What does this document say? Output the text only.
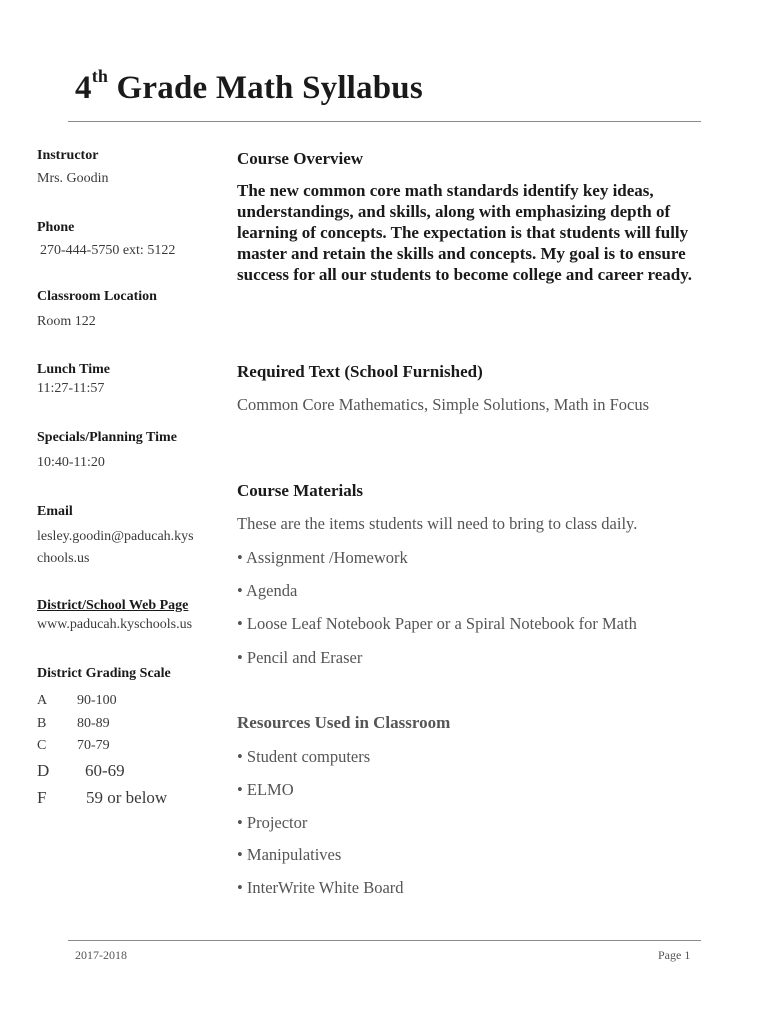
4th Grade Math Syllabus
Instructor
Mrs. Goodin
Phone
270-444-5750 ext: 5122
Classroom Location
Room 122
Lunch Time
11:27-11:57
Specials/Planning Time
10:40-11:20
Email
lesley.goodin@paducah.kys
chools.us
District/School Web Page
www.paducah.kyschools.us
District Grading Scale
A 90-100
B 80-89
C 70-79
D 60-69
F 59 or below
Course Overview
The new common core math standards identify key ideas, understandings, and skills, along with emphasizing depth of learning of concepts. The expectation is that students will fully master and retain the skills and concepts. My goal is to ensure success for all our students to become college and career ready.
Required Text (School Furnished)
Common Core Mathematics, Simple Solutions, Math in Focus
Course Materials
These are the items students will need to bring to class daily.
• Assignment /Homework
• Agenda
• Loose Leaf Notebook Paper or a Spiral Notebook for Math
• Pencil and Eraser
Resources Used in Classroom
• Student computers
• ELMO
• Projector
• Manipulatives
• InterWrite White Board
2017-2018	Page 1
